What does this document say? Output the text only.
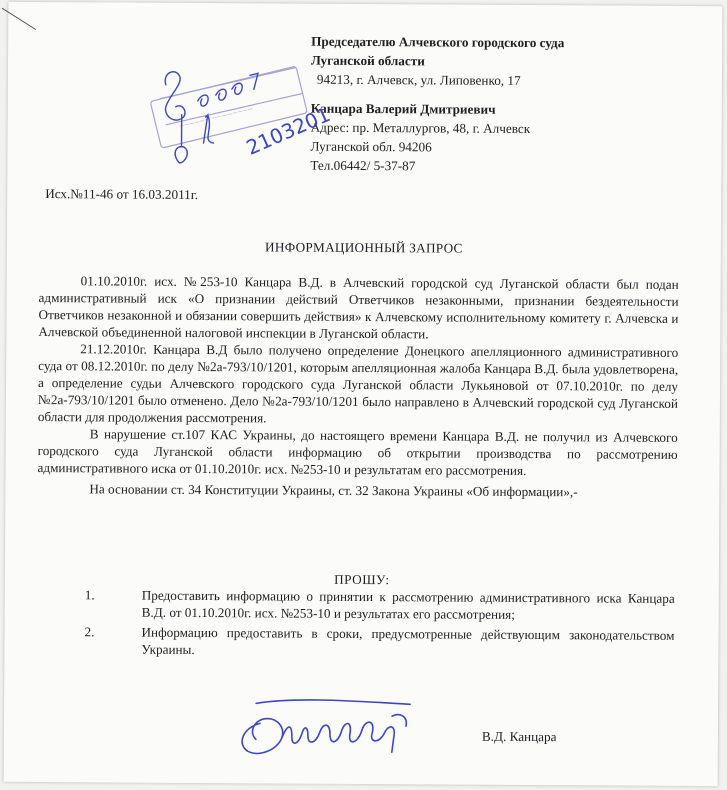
Председателю Алчевского городского суда
Луганской области
94213, г. Алчевск, ул. Липовенко, 17
Канцара Валерий Дмитриевич
Адрес: пр. Металлургов, 48, г. Алчевск
Луганской обл. 94206
Тел.06442/ 5-37-87
~~~~~~ ~~~~~~~~
2103201
Исх.№11-46 от 16.03.2011г.
ИНФОРМАЦИОННЫЙ ЗАПРОС

01.10.2010г. исх. №253-10 Канцара В.Д. в Алчевский городской суд Луганской области был подан административный иск «О признании действий Ответчиков незаконными, признании бездеятельности Ответчиков незаконной и обязании совершить действия» к Алчевскому исполнительному комитету г. Алчевска и Алчевской объединенной налоговой инспекции в Луганской области.

21.12.2010г. Канцара В.Д было получено определение Донецкого апелляционного административного суда от 08.12.2010г. по делу №2а-793/10/1201, которым апелляционная жалоба Канцара В.Д. была удовлетворена, а определение судьи Алчевского городского суда Луганской области Лукьяновой от 07.10.2010г. по делу №2а-793/10/1201 было отменено. Дело №2а-793/10/1201 было направлено в Алчевский городской суд Луганской области для продолжения рассмотрения.

В нарушение ст.107 КАС Украины, до настоящего времени Канцара В.Д. не получил из Алчевского городского суда Луганской области информацию об открытии производства по рассмотрению административного иска от 01.10.2010г. исх. №253-10 и результатам его рассмотрения.

На основании ст. 34 Конституции Украины, ст. 32 Закона Украины «Об информации»,-

ПРОШУ:
1.	Предоставить информацию о принятии к рассмотрению административного иска Канцара В.Д. от 01.10.2010г. исх. №253-10 и результатах его рассмотрения;
2.	Информацию предоставить в сроки, предусмотренные действующим законодательством Украины.
В.Д. Канцара
